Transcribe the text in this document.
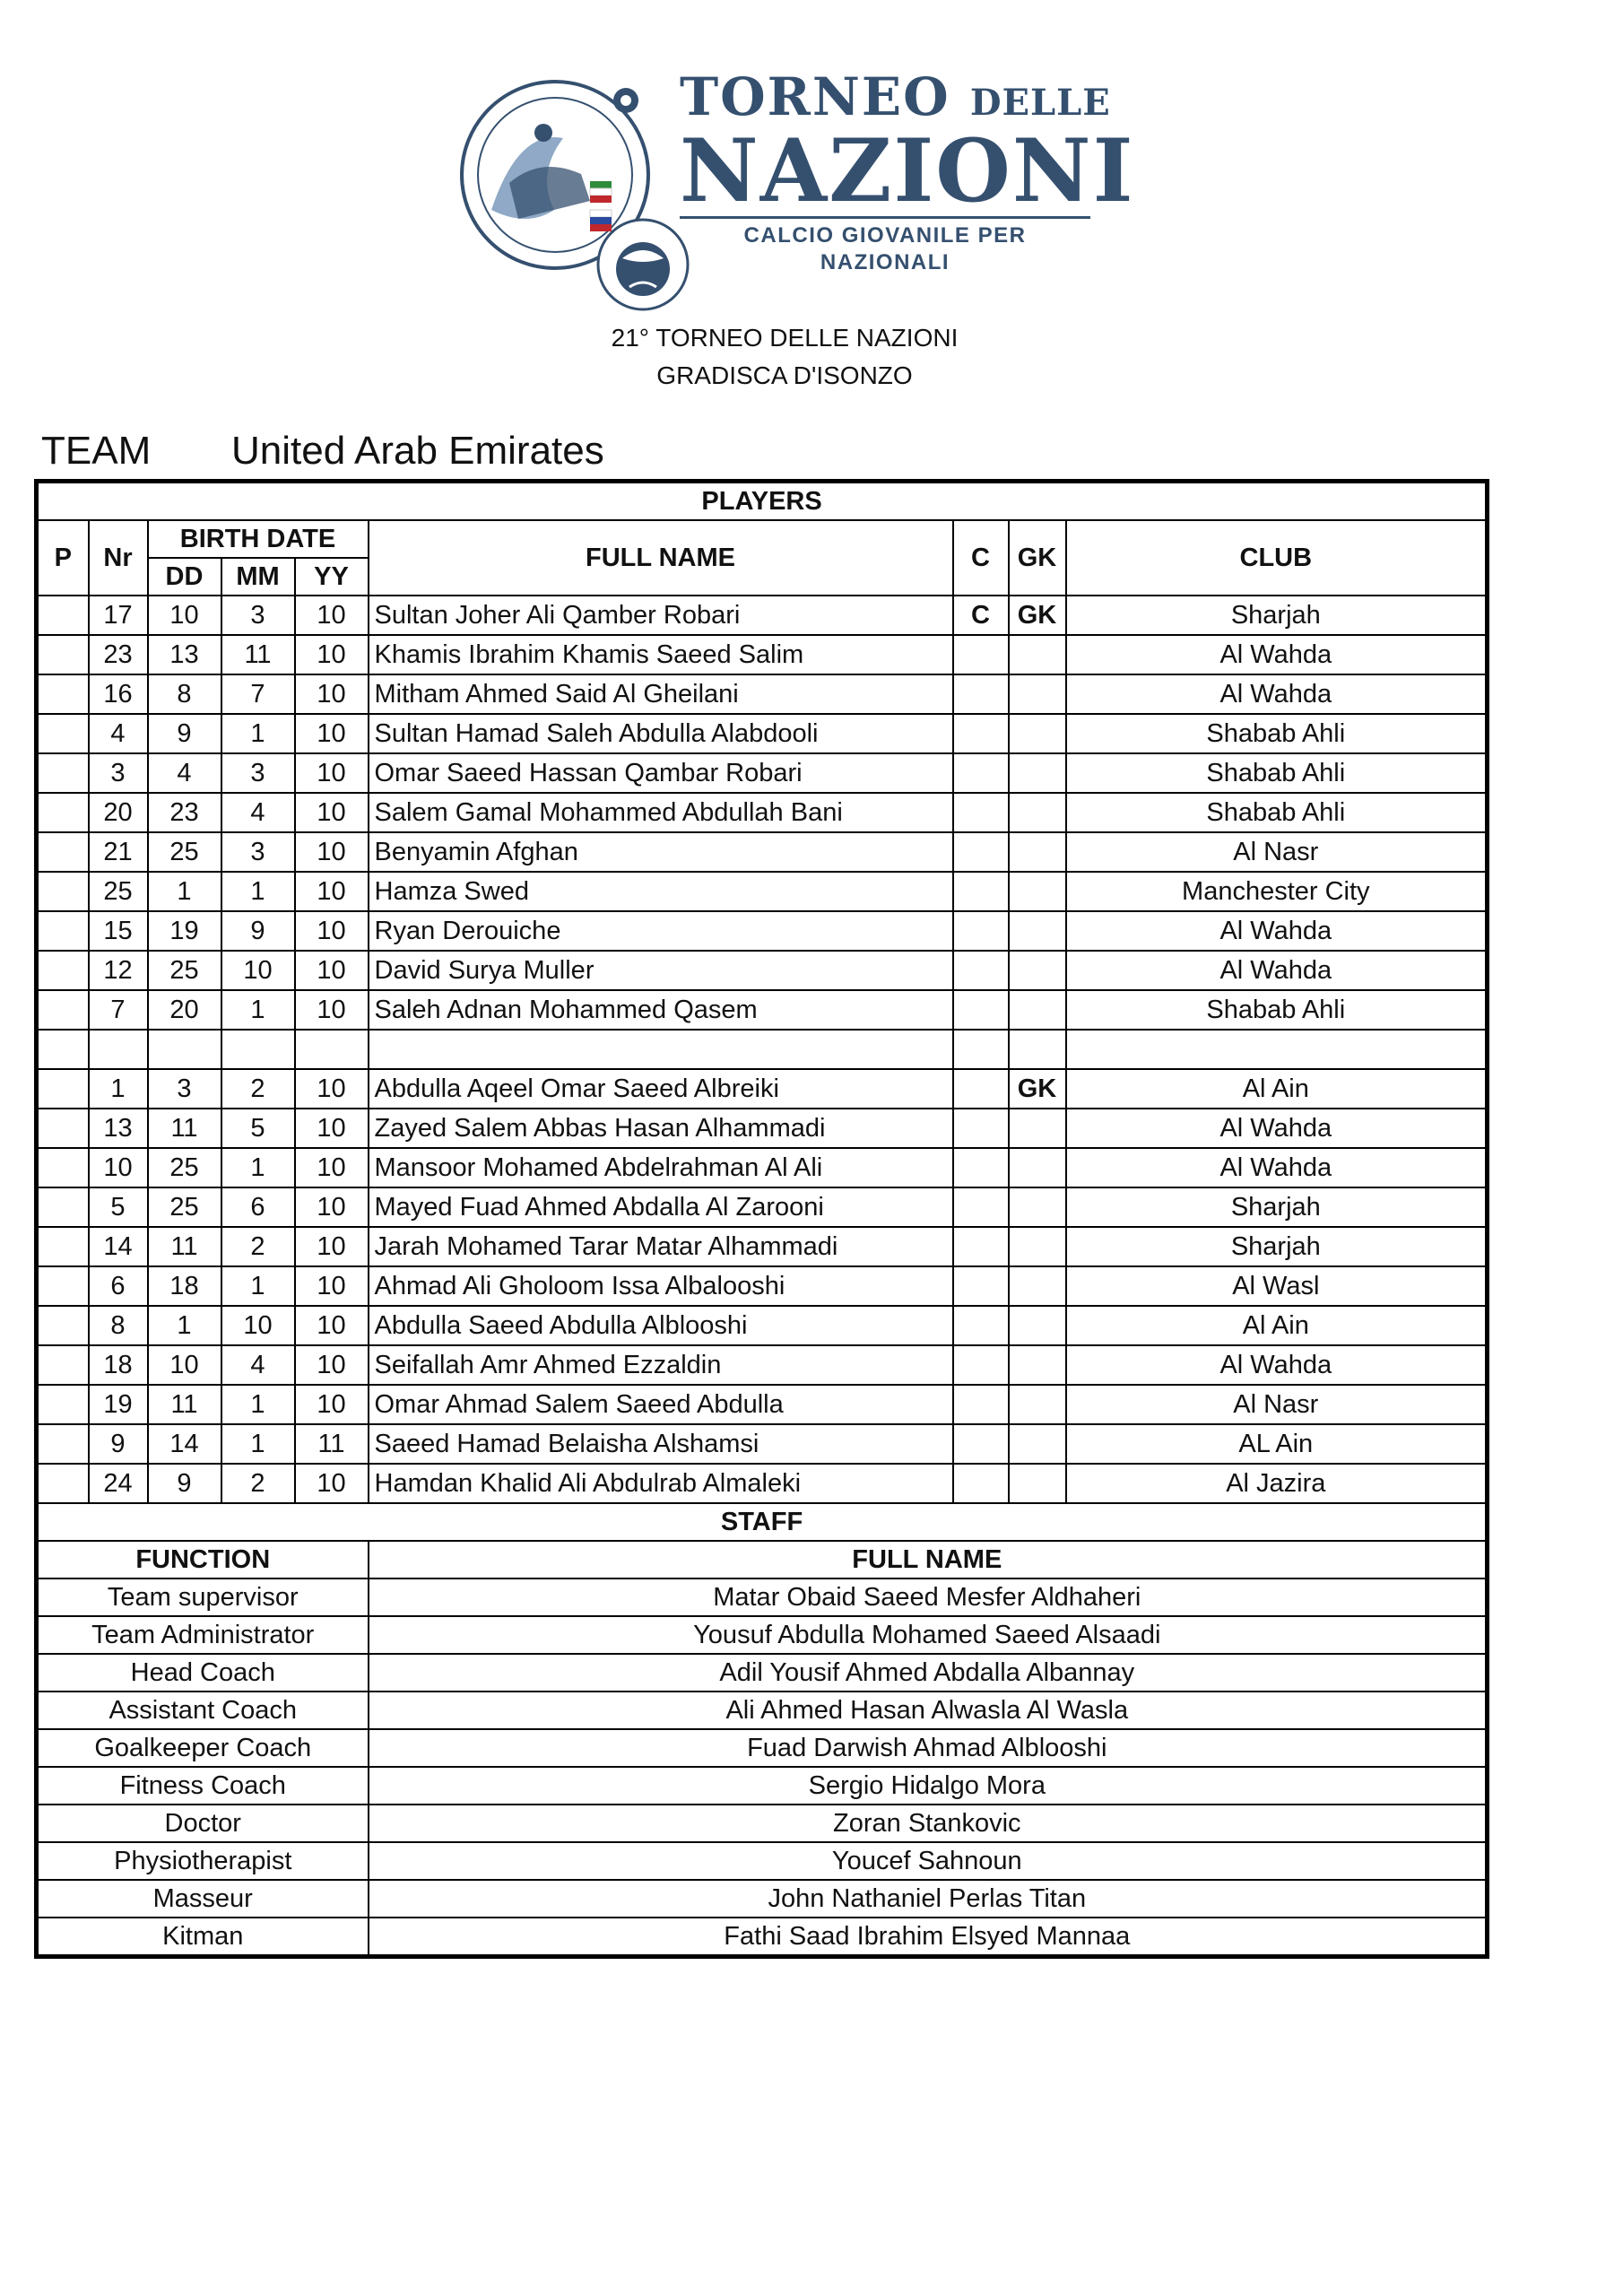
TORNEO DELLE
NAZIONI
CALCIO GIOVANILE PER NAZIONALI
21° TORNEO DELLE NAZIONI
GRADISCA D'ISONZO
TEAM United Arab Emirates
PLAYERS								
P	Nr	BIRTH DATE			FULL NAME	C	GK	CLUB
		DD	MM	YY				
	17	10	3	10	Sultan Joher Ali Qamber Robari	C	GK	Sharjah
	23	13	11	10	Khamis Ibrahim Khamis Saeed Salim			Al Wahda
	16	8	7	10	Mitham Ahmed Said Al Gheilani			Al Wahda
	4	9	1	10	Sultan Hamad Saleh Abdulla Alabdooli			Shabab Ahli
	3	4	3	10	Omar Saeed Hassan Qambar Robari			Shabab Ahli
	20	23	4	10	Salem Gamal Mohammed Abdullah Bani			Shabab Ahli
	21	25	3	10	Benyamin Afghan			Al Nasr
	25	1	1	10	Hamza Swed			Manchester City
	15	19	9	10	Ryan Derouiche			Al Wahda
	12	25	10	10	David Surya Muller			Al Wahda
	7	20	1	10	Saleh Adnan Mohammed Qasem			Shabab Ahli

	1	3	2	10	Abdulla Aqeel Omar Saeed Albreiki		GK	Al Ain
	13	11	5	10	Zayed Salem Abbas Hasan Alhammadi			Al Wahda
	10	25	1	10	Mansoor Mohamed Abdelrahman Al Ali			Al Wahda
	5	25	6	10	Mayed Fuad Ahmed Abdalla Al Zarooni			Sharjah
	14	11	2	10	Jarah Mohamed Tarar Matar Alhammadi			Sharjah
	6	18	1	10	Ahmad Ali Gholoom Issa Albalooshi			Al Wasl
	8	1	10	10	Abdulla Saeed Abdulla Alblooshi			Al Ain
	18	10	4	10	Seifallah Amr Ahmed Ezzaldin			Al Wahda
	19	11	1	10	Omar Ahmad Salem Saeed Abdulla			Al Nasr
	9	14	1	11	Saeed Hamad Belaisha Alshamsi			AL Ain
	24	9	2	10	Hamdan Khalid Ali Abdulrab Almaleki			Al Jazira
STAFF								
FUNCTION					FULL NAME			
Team supervisor					Matar Obaid Saeed Mesfer Aldhaheri			
Team Administrator					Yousuf Abdulla Mohamed Saeed Alsaadi			
Head Coach					Adil Yousif Ahmed Abdalla Albannay			
Assistant Coach					Ali Ahmed Hasan Alwasla Al Wasla			
Goalkeeper Coach					Fuad Darwish Ahmad Alblooshi			
Fitness Coach					Sergio Hidalgo Mora			
Doctor					Zoran Stankovic			
Physiotherapist					Youcef Sahnoun			
Masseur					John Nathaniel Perlas Titan			
Kitman					Fathi Saad Ibrahim Elsyed Mannaa			
